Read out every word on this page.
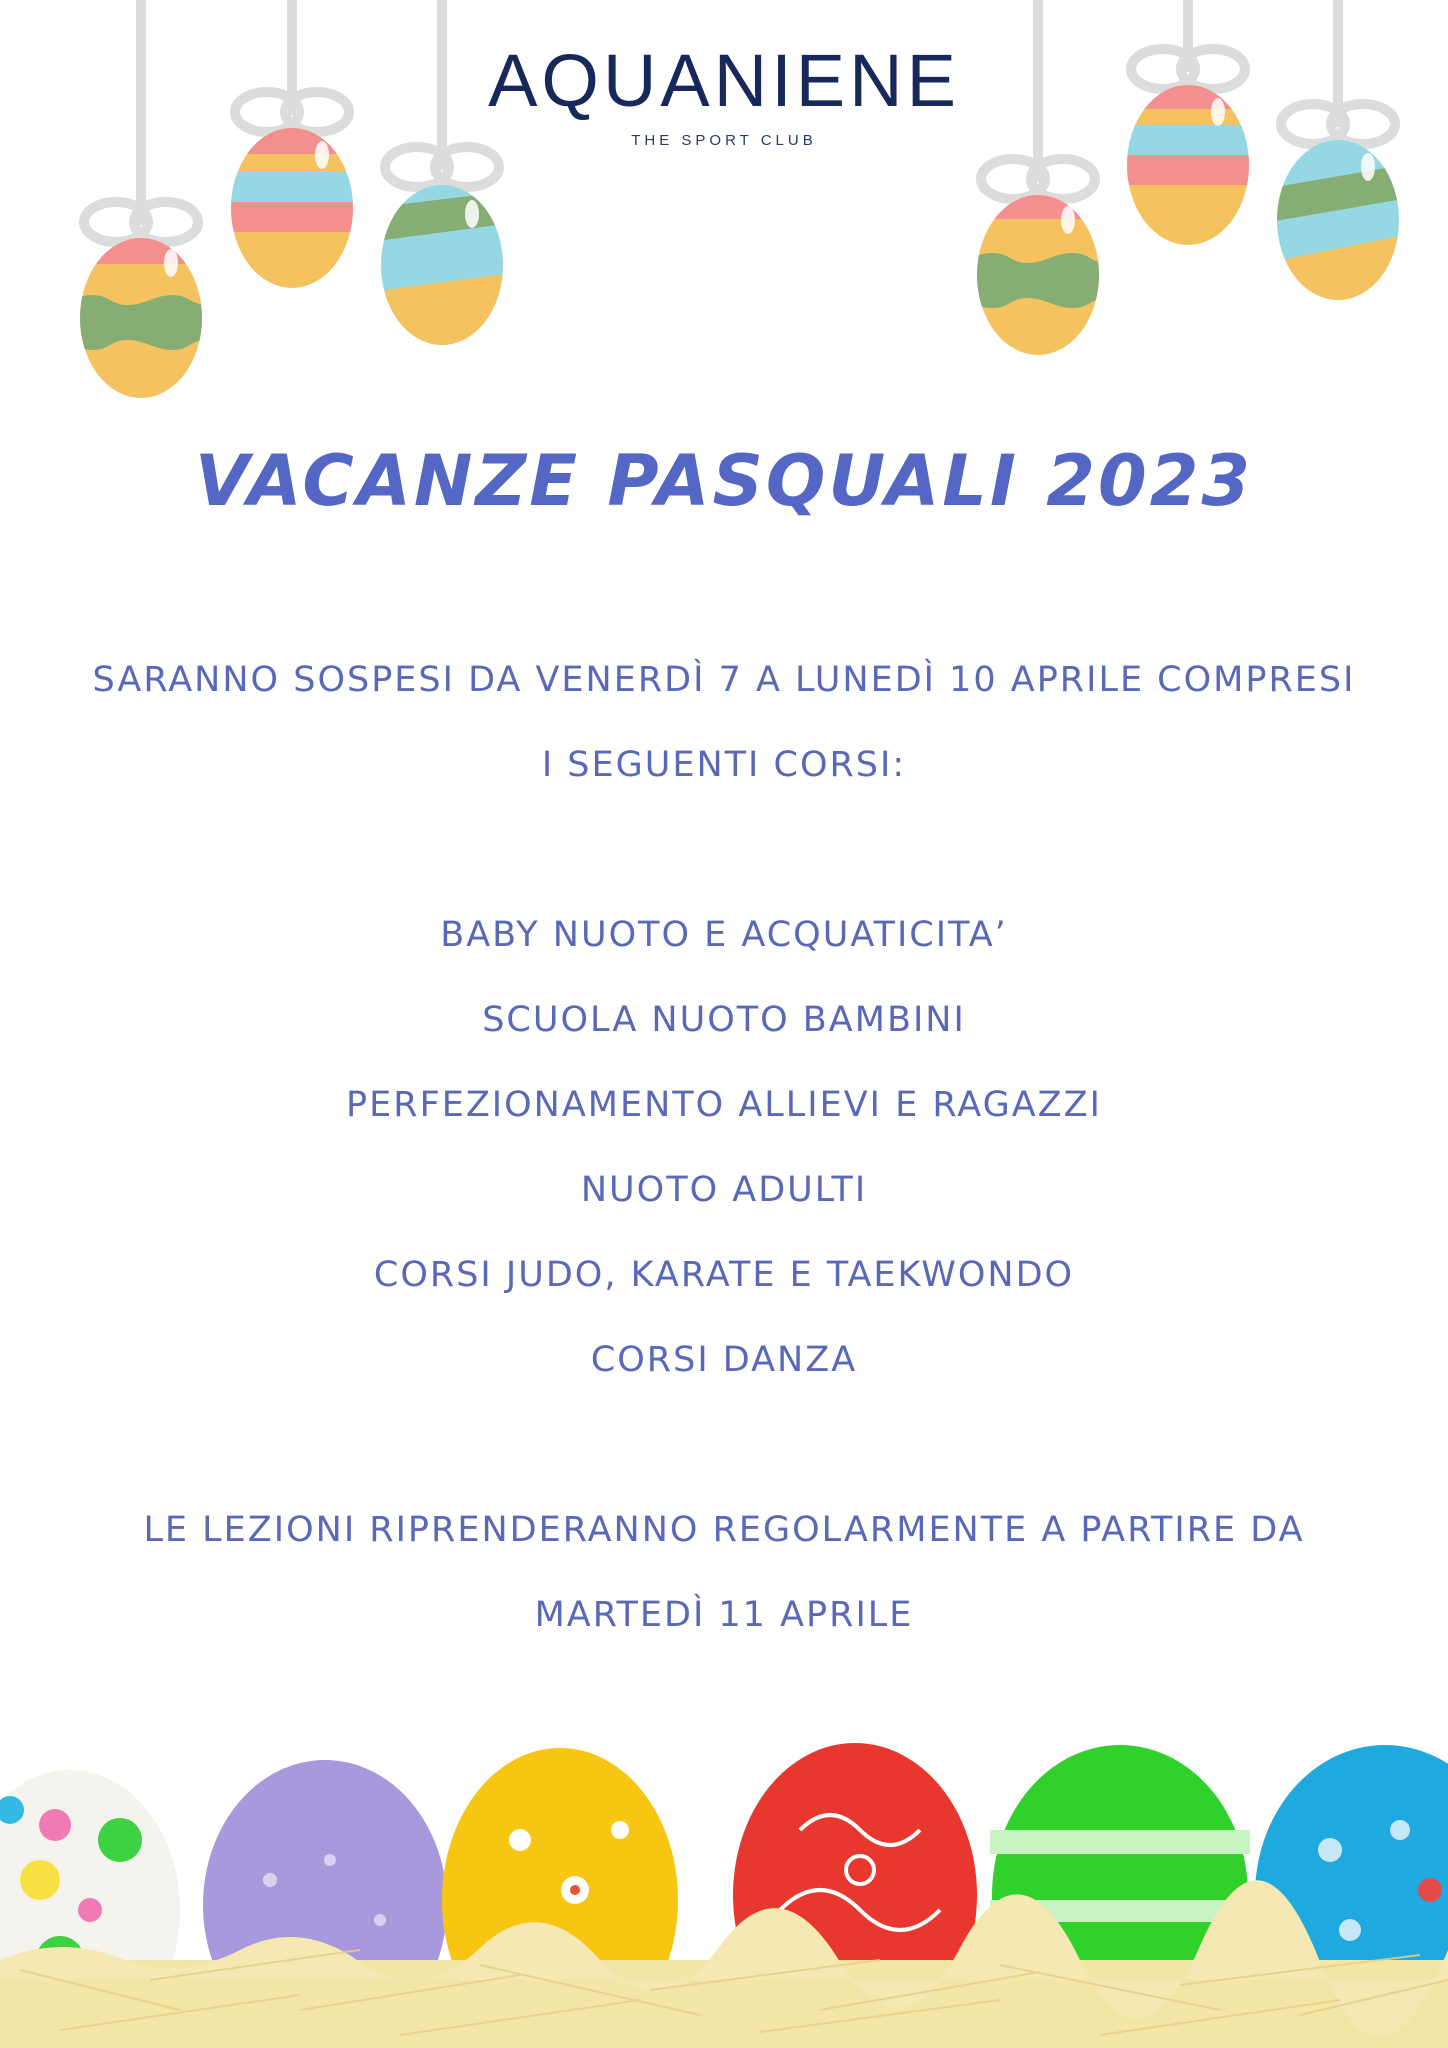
AQUANIENE
THE SPORT CLUB
VACANZE PASQUALI 2023

SARANNO SOSPESI DA VENERDÌ 7 A LUNEDÌ 10 APRILE COMPRESI

I SEGUENTI CORSI:

BABY NUOTO E ACQUATICITA’
SCUOLA NUOTO BAMBINI
PERFEZIONAMENTO ALLIEVI E RAGAZZI
NUOTO ADULTI
CORSI JUDO, KARATE E TAEKWONDO
CORSI DANZA

LE LEZIONI RIPRENDERANNO REGOLARMENTE A PARTIRE DA

MARTEDÌ 11 APRILE
